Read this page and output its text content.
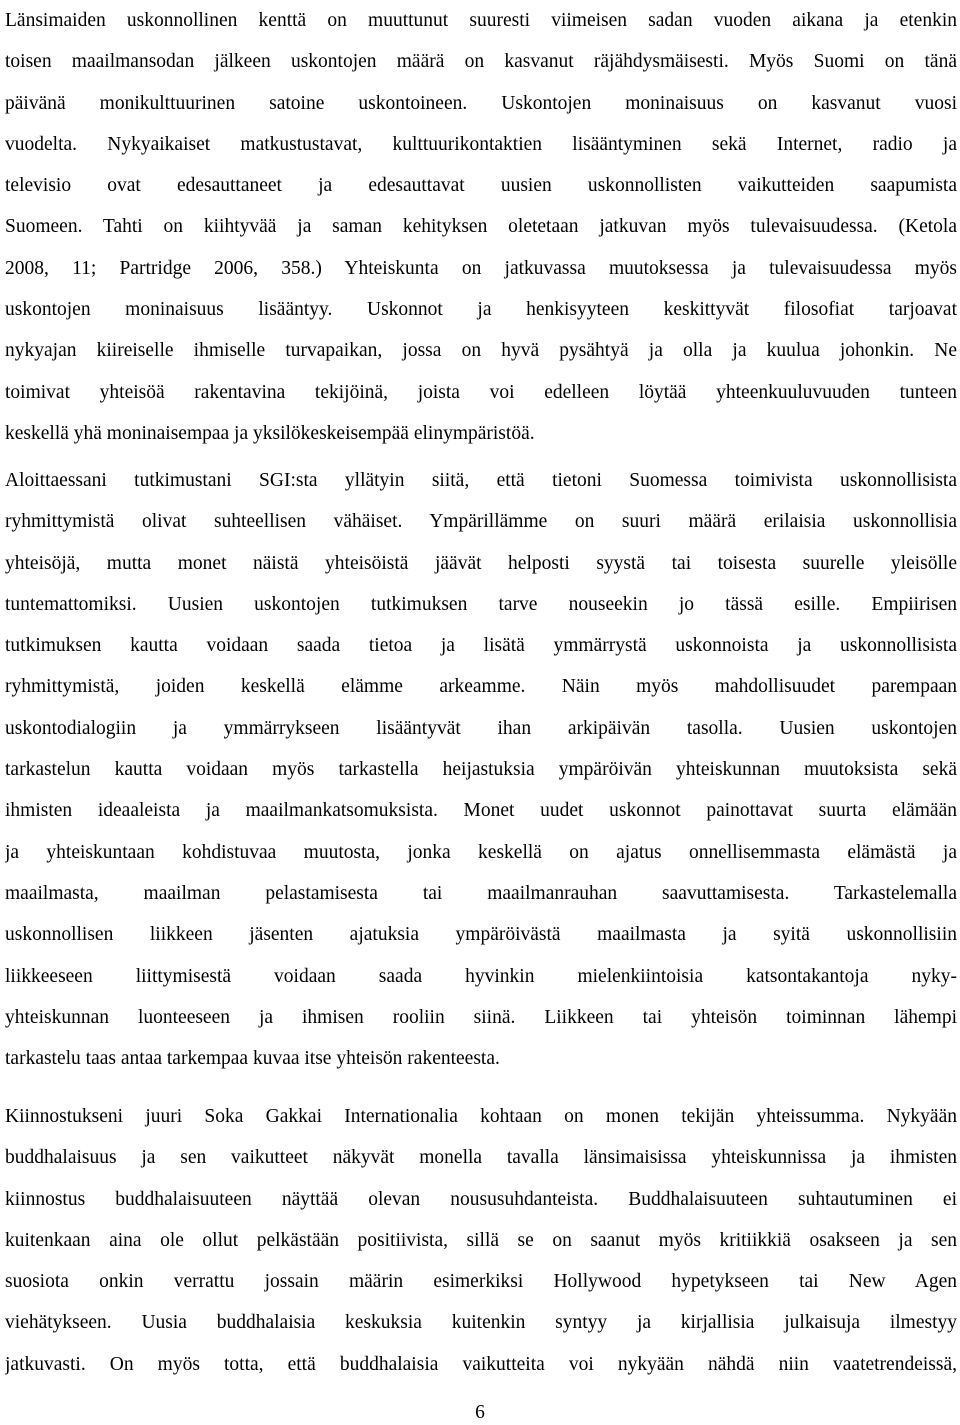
Länsimaiden uskonnollinen kenttä on muuttunut suuresti viimeisen sadan vuoden aikana ja etenkin
toisen maailmansodan jälkeen uskontojen määrä on kasvanut räjähdysmäisesti. Myös Suomi on tänä
päivänä monikulttuurinen satoine uskontoineen. Uskontojen moninaisuus on kasvanut vuosi
vuodelta. Nykyaikaiset matkustustavat, kulttuurikontaktien lisääntyminen sekä Internet, radio ja
televisio ovat edesauttaneet ja edesauttavat uusien uskonnollisten vaikutteiden saapumista
Suomeen. Tahti on kiihtyvää ja saman kehityksen oletetaan jatkuvan myös tulevaisuudessa. (Ketola
2008, 11; Partridge 2006, 358.) Yhteiskunta on jatkuvassa muutoksessa ja tulevaisuudessa myös
uskontojen moninaisuus lisääntyy. Uskonnot ja henkisyyteen keskittyvät filosofiat tarjoavat
nykyajan kiireiselle ihmiselle turvapaikan, jossa on hyvä pysähtyä ja olla ja kuulua johonkin. Ne
toimivat yhteisöä rakentavina tekijöinä, joista voi edelleen löytää yhteenkuuluvuuden tunteen
keskellä yhä moninaisempaa ja yksilökeskeisempää elinympäristöä.
Aloittaessani tutkimustani SGI:sta yllätyin siitä, että tietoni Suomessa toimivista uskonnollisista
ryhmittymistä olivat suhteellisen vähäiset. Ympärillämme on suuri määrä erilaisia uskonnollisia
yhteisöjä, mutta monet näistä yhteisöistä jäävät helposti syystä tai toisesta suurelle yleisölle
tuntemattomiksi. Uusien uskontojen tutkimuksen tarve nouseekin jo tässä esille. Empiirisen
tutkimuksen kautta voidaan saada tietoa ja lisätä ymmärrystä uskonnoista ja uskonnollisista
ryhmittymistä, joiden keskellä elämme arkeamme. Näin myös mahdollisuudet parempaan
uskontodialogiin ja ymmärrykseen lisääntyvät ihan arkipäivän tasolla. Uusien uskontojen
tarkastelun kautta voidaan myös tarkastella heijastuksia ympäröivän yhteiskunnan muutoksista sekä
ihmisten ideaaleista ja maailmankatsomuksista. Monet uudet uskonnot painottavat suurta elämään
ja yhteiskuntaan kohdistuvaa muutosta, jonka keskellä on ajatus onnellisemmasta elämästä ja
maailmasta, maailman pelastamisesta tai maailmanrauhan saavuttamisesta. Tarkastelemalla
uskonnollisen liikkeen jäsenten ajatuksia ympäröivästä maailmasta ja syitä uskonnollisiin
liikkeeseen liittymisestä voidaan saada hyvinkin mielenkiintoisia katsontakantoja nyky-
yhteiskunnan luonteeseen ja ihmisen rooliin siinä. Liikkeen tai yhteisön toiminnan lähempi
tarkastelu taas antaa tarkempaa kuvaa itse yhteisön rakenteesta.
Kiinnostukseni juuri Soka Gakkai Internationalia kohtaan on monen tekijän yhteissumma. Nykyään
buddhalaisuus ja sen vaikutteet näkyvät monella tavalla länsimaisissa yhteiskunnissa ja ihmisten
kiinnostus buddhalaisuuteen näyttää olevan noususuhdanteista. Buddhalaisuuteen suhtautuminen ei
kuitenkaan aina ole ollut pelkästään positiivista, sillä se on saanut myös kritiikkiä osakseen ja sen
suosiota onkin verrattu jossain määrin esimerkiksi Hollywood hypetykseen tai New Agen
viehätykseen. Uusia buddhalaisia keskuksia kuitenkin syntyy ja kirjallisia julkaisuja ilmestyy
jatkuvasti. On myös totta, että buddhalaisia vaikutteita voi nykyään nähdä niin vaatetrendeissä,
6
